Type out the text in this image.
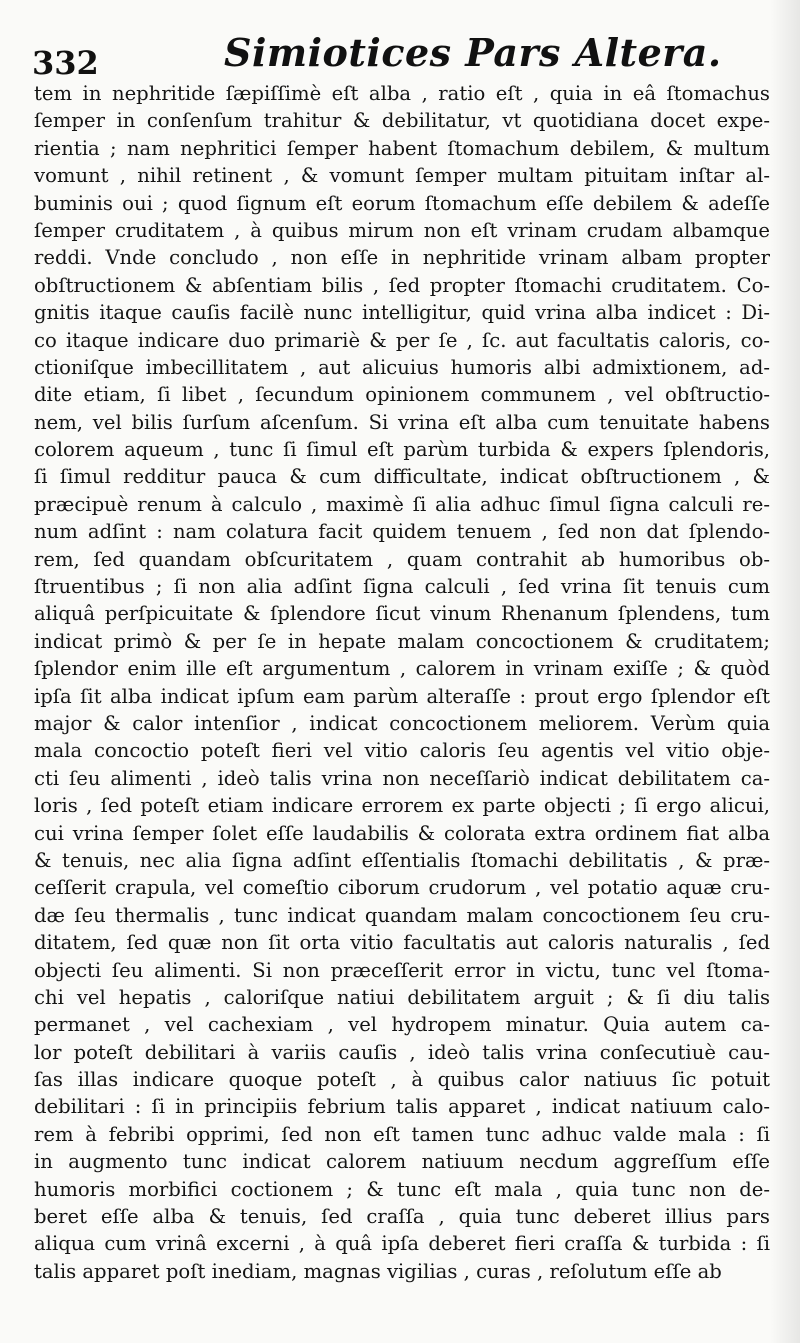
332	Simiotices Pars Altera.
tem in nephritide ſæpiſſimè eſt alba , ratio eſt , quia in eâ ſtomachus
ſemper in conſenſum trahitur & debilitatur, vt quotidiana docet expe-
rientia ; nam nephritici ſemper habent ſtomachum debilem, & multum
vomunt , nihil retinent , & vomunt ſemper multam pituitam inſtar al-
buminis oui ; quod ſignum eſt eorum ſtomachum eſſe debilem & adeſſe
ſemper cruditatem , à quibus mirum non eſt vrinam crudam albamque
reddi. Vnde concludo , non eſſe in nephritide vrinam albam propter
obſtructionem & abſentiam bilis , ſed propter ſtomachi cruditatem. Co-
gnitis itaque cauſis facilè nunc intelligitur, quid vrina alba indicet : Di-
co itaque indicare duo primariè & per ſe , ſc. aut facultatis caloris, co-
ctioniſque imbecillitatem , aut alicuius humoris albi admixtionem, ad-
dite etiam, ſi libet , ſecundum opinionem communem , vel obſtructio-
nem, vel bilis ſurſum aſcenſum. Si vrina eſt alba cum tenuitate habens
colorem aqueum , tunc ſi ſimul eſt parùm turbida & expers ſplendoris,
ſi ſimul redditur pauca & cum difficultate, indicat obſtructionem , &
præcipuè renum à calculo , maximè ſi alia adhuc ſimul ſigna calculi re-
num adſint : nam colatura facit quidem tenuem , ſed non dat ſplendo-
rem, ſed quandam obſcuritatem , quam contrahit ab humoribus ob-
ſtruentibus ; ſi non alia adſint ſigna calculi , ſed vrina ſit tenuis cum
aliquâ perſpicuitate & ſplendore ſicut vinum Rhenanum ſplendens, tum
indicat primò & per ſe in hepate malam concoctionem & cruditatem;
ſplendor enim ille eſt argumentum , calorem in vrinam exiſſe ; & quòd
ipſa ſit alba indicat ipſum eam parùm alteraſſe : prout ergo ſplendor eſt
major & calor intenſior , indicat concoctionem meliorem. Verùm quia
mala concoctio poteſt fieri vel vitio caloris ſeu agentis vel vitio obje-
cti ſeu alimenti , ideò talis vrina non neceſſariò indicat debilitatem ca-
loris , ſed poteſt etiam indicare errorem ex parte objecti ; ſi ergo alicui,
cui vrina ſemper ſolet eſſe laudabilis & colorata extra ordinem fiat alba
& tenuis, nec alia ſigna adſint eſſentialis ſtomachi debilitatis , & præ-
ceſſerit crapula, vel comeſtio ciborum crudorum , vel potatio aquæ cru-
dæ ſeu thermalis , tunc indicat quandam malam concoctionem ſeu cru-
ditatem, ſed quæ non ſit orta vitio facultatis aut caloris naturalis , ſed
objecti ſeu alimenti. Si non præceſſerit error in victu, tunc vel ſtoma-
chi vel hepatis , caloriſque natiui debilitatem arguit ; & ſi diu talis
permanet , vel cachexiam , vel hydropem minatur. Quia autem ca-
lor poteſt debilitari à variis cauſis , ideò talis vrina conſecutiuè cau-
ſas illas indicare quoque poteſt , à quibus calor natiuus ſic potuit
debilitari : ſi in principiis febrium talis apparet , indicat natiuum calo-
rem à febribi opprimi, ſed non eſt tamen tunc adhuc valde mala : ſi
in augmento tunc indicat calorem natiuum necdum aggreſſum eſſe
humoris morbifici coctionem ; & tunc eſt mala , quia tunc non de-
beret eſſe alba & tenuis, ſed craſſa , quia tunc deberet illius pars
aliqua cum vrinâ excerni , à quâ ipſa deberet fieri craſſa & turbida : ſi
talis apparet poſt inediam, magnas vigilias , curas , reſolutum eſſe ab
